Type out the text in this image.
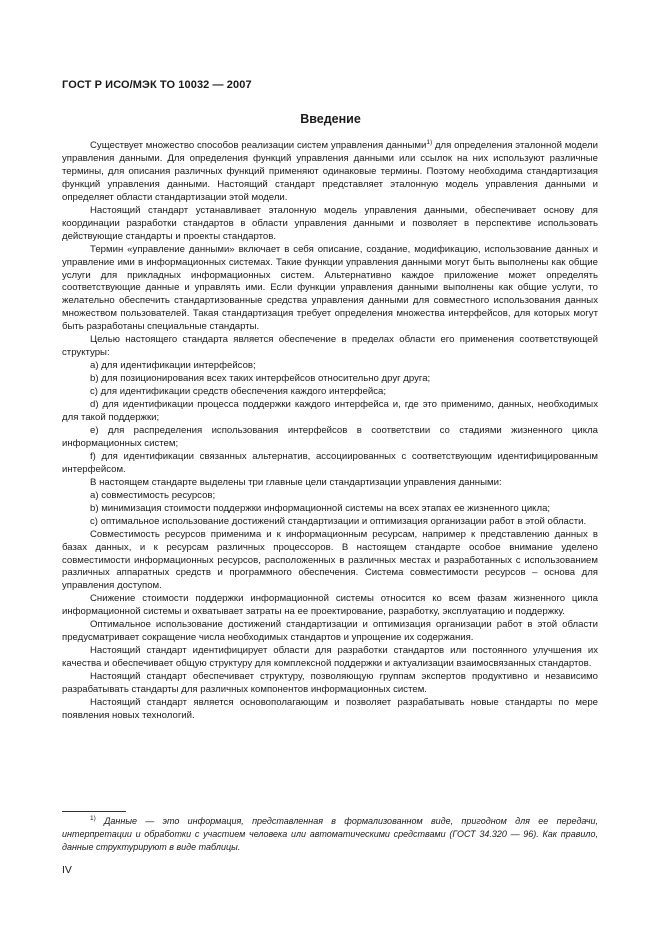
ГОСТ Р ИСО/МЭК ТО 10032 — 2007
Введение

Существует множество способов реализации систем управления данными$^{1)}$ для определения эталонной модели управления данными. Для определения функций управления данными или ссылок на них используют различные термины, для описания различных функций применяют одинаковые термины. Поэтому необходима стандартизация функций управления данными. Настоящий стандарт представляет эталонную модель управления данными и определяет области стандартизации этой модели.

Настоящий стандарт устанавливает эталонную модель управления данными, обеспечивает основу для координации разработки стандартов в области управления данными и позволяет в перспективе использовать действующие стандарты и проекты стандартов.

Термин «управление данными» включает в себя описание, создание, модификацию, использование данных и управление ими в информационных системах. Такие функции управления данными могут быть выполнены как общие услуги для прикладных информационных систем. Альтернативно каждое приложение может определять соответствующие данные и управлять ими. Если функции управления данными выполнены как общие услуги, то желательно обеспечить стандартизованные средства управления данными для совместного использования данных множеством пользователей. Такая стандартизация требует определения множества интерфейсов, для которых могут быть разработаны специальные стандарты.

Целью настоящего стандарта является обеспечение в пределах области его применения соответствующей структуры:

a) для идентификации интерфейсов;

b) для позиционирования всех таких интерфейсов относительно друг друга;

c) для идентификации средств обеспечения каждого интерфейса;

d) для идентификации процесса поддержки каждого интерфейса и, где это применимо, данных, необходимых для такой поддержки;

e) для распределения использования интерфейсов в соответствии со стадиями жизненного цикла информационных систем;

f) для идентификации связанных альтернатив, ассоциированных с соответствующим идентифицированным интерфейсом.

В настоящем стандарте выделены три главные цели стандартизации управления данными:

a) совместимость ресурсов;

b) минимизация стоимости поддержки информационной системы на всех этапах ее жизненного цикла;

c) оптимальное использование достижений стандартизации и оптимизация организации работ в этой области.

Совместимость ресурсов применима и к информационным ресурсам, например к представлению данных в базах данных, и к ресурсам различных процессоров. В настоящем стандарте особое внимание уделено совместимости информационных ресурсов, расположенных в различных местах и разработанных с использованием различных аппаратных средств и программного обеспечения. Система совместимости ресурсов – основа для управления доступом.

Снижение стоимости поддержки информационной системы относится ко всем фазам жизненного цикла информационной системы и охватывает затраты на ее проектирование, разработку, эксплуатацию и поддержку.

Оптимальное использование достижений стандартизации и оптимизация организации работ в этой области предусматривает сокращение числа необходимых стандартов и упрощение их содержания.

Настоящий стандарт идентифицирует области для разработки стандартов или постоянного улучшения их качества и обеспечивает общую структуру для комплексной поддержки и актуализации взаимосвязанных стандартов.

Настоящий стандарт обеспечивает структуру, позволяющую группам экспертов продуктивно и независимо разрабатывать стандарты для различных компонентов информационных систем.

Настоящий стандарт является основополагающим и позволяет разрабатывать новые стандарты по мере появления новых технологий.

$^{1)}$ Данные — это информация, представленная в формализованном виде, пригодном для ее передачи, интерпретации и обработки с участием человека или автоматическими средствами (ГОСТ 34.320 — 96). Как правило, данные структурируют в виде таблицы.

IV
